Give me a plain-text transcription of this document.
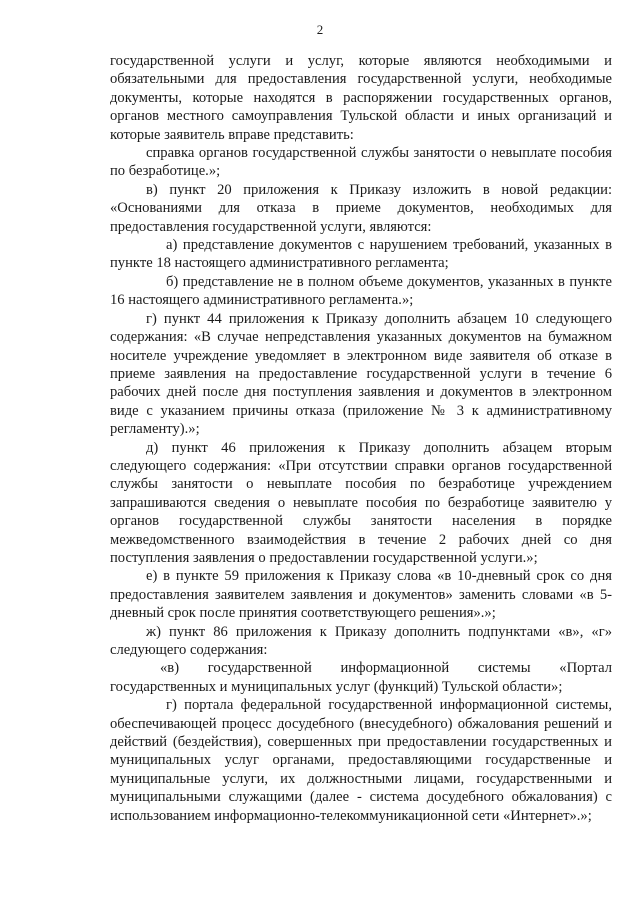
2

государственной услуги и услуг, которые являются необходимыми и обязательными для предоставления государственной услуги, необходимые документы, которые находятся в распоряжении государственных органов, органов местного самоуправления Тульской области и иных организаций и которые заявитель вправе представить:

справка органов государственной службы занятости о невыплате пособия по безработице.»;

в) пункт 20 приложения к Приказу изложить в новой редакции: «Основаниями для отказа в приеме документов, необходимых для предоставления государственной услуги, являются:

а) представление документов с нарушением требований, указанных в пункте 18 настоящего административного регламента;

б) представление не в полном объеме документов, указанных в пункте 16 настоящего административного регламента.»;

г) пункт 44 приложения к Приказу дополнить абзацем 10 следующего содержания: «В случае непредставления указанных документов на бумажном носителе учреждение уведомляет в электронном виде заявителя об отказе в приеме заявления на предоставление государственной услуги в течение 6 рабочих дней после дня поступления заявления и документов в электронном виде с указанием причины отказа (приложение № 3 к административному регламенту).»;

д) пункт 46 приложения к Приказу дополнить абзацем вторым следующего содержания: «При отсутствии справки органов государственной службы занятости о невыплате пособия по безработице учреждением запрашиваются сведения о невыплате пособия по безработице заявителю у органов государственной службы занятости населения в порядке межведомственного взаимодействия в течение 2 рабочих дней со дня поступления заявления о предоставлении государственной услуги.»;

е) в пункте 59 приложения к Приказу слова «в 10-дневный срок со дня предоставления заявителем заявления и документов» заменить словами «в 5-дневный срок после принятия соответствующего решения».»;

ж) пункт 86 приложения к Приказу дополнить подпунктами «в», «г» следующего содержания:

«в) государственной информационной системы «Портал государственных и муниципальных услуг (функций) Тульской области»;

г) портала федеральной государственной информационной системы, обеспечивающей процесс досудебного (внесудебного) обжалования решений и действий (бездействия), совершенных при предоставлении государственных и муниципальных услуг органами, предоставляющими государственные и муниципальные услуги, их должностными лицами, государственными и муниципальными служащими (далее - система досудебного обжалования) с использованием информационно-телекоммуникационной сети «Интернет».»;
